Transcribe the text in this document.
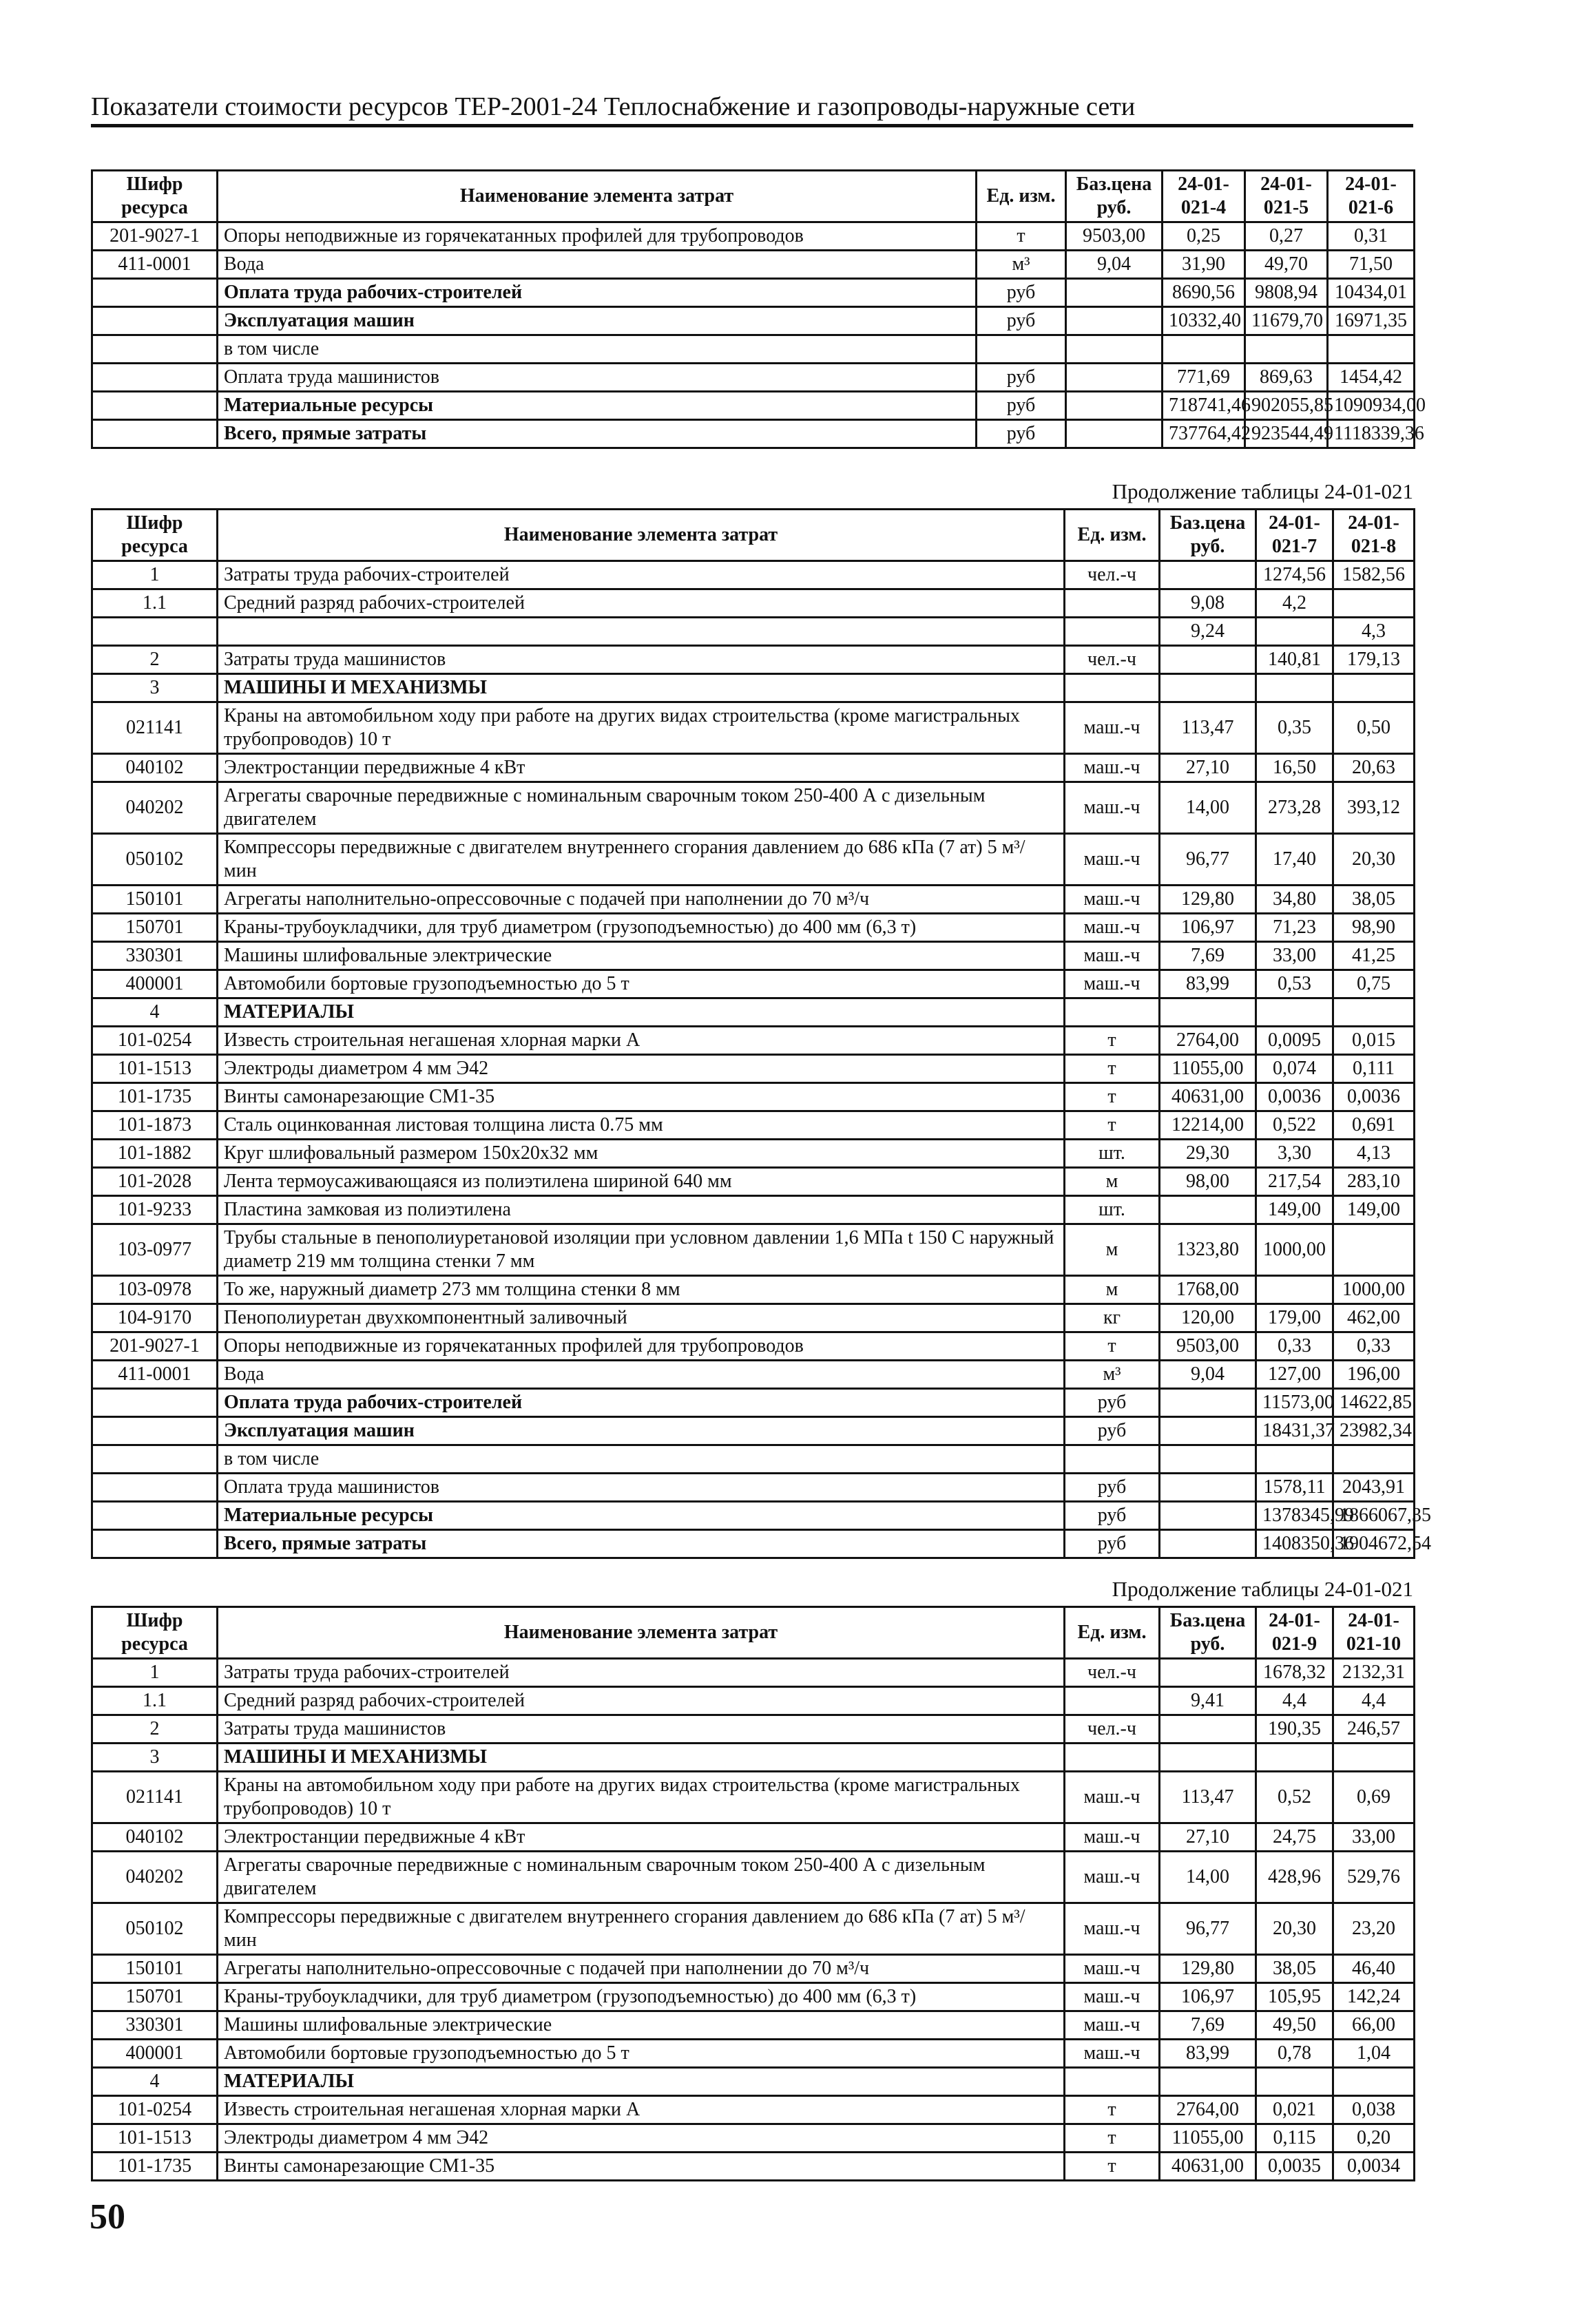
Показатели стоимости ресурсов ТЕР-2001-24 Теплоснабжение и газопроводы-наружные сети
Шифр ресурса	Наименование элемента затрат	Ед. изм.	Баз.цена руб.	24-01-021-4	24-01-021-5	24-01-021-6
201-9027-1	Опоры неподвижные из горячекатанных профилей для трубопроводов	т	9503,00	0,25	0,27	0,31
411-0001	Вода	м³	9,04	31,90	49,70	71,50
	Оплата труда рабочих-строителей	руб		8690,56	9808,94	10434,01
	Эксплуатация машин	руб		10332,40	11679,70	16971,35
	в том числе					
	Оплата труда машинистов	руб		771,69	869,63	1454,42
	Материальные ресурсы	руб		718741,46	902055,85	1090934,00
	Всего, прямые затраты	руб		737764,42	923544,49	1118339,36
Продолжение таблицы 24-01-021
Шифр ресурса	Наименование элемента затрат	Ед. изм.	Баз.цена руб.	24-01-021-7	24-01-021-8
1	Затраты труда рабочих-строителей	чел.-ч		1274,56	1582,56
1.1	Средний разряд рабочих-строителей		9,08	4,2	
			9,24		4,3
2	Затраты труда машинистов	чел.-ч		140,81	179,13
3	МАШИНЫ И МЕХАНИЗМЫ				
021141	Краны на автомобильном ходу при работе на других видах строительства (кроме магистральных трубопроводов) 10 т	маш.-ч	113,47	0,35	0,50
040102	Электростанции передвижные 4 кВт	маш.-ч	27,10	16,50	20,63
040202	Агрегаты сварочные передвижные с номинальным сварочным током 250-400 А с дизельным двигателем	маш.-ч	14,00	273,28	393,12
050102	Компрессоры передвижные с двигателем внутреннего сгорания давлением до 686 кПа (7 ат) 5 м³/мин	маш.-ч	96,77	17,40	20,30
150101	Агрегаты наполнительно-опрессовочные с подачей при наполнении до 70 м³/ч	маш.-ч	129,80	34,80	38,05
150701	Краны-трубоукладчики, для труб диаметром (грузоподъемностью) до 400 мм (6,3 т)	маш.-ч	106,97	71,23	98,90
330301	Машины шлифовальные электрические	маш.-ч	7,69	33,00	41,25
400001	Автомобили бортовые грузоподъемностью до 5 т	маш.-ч	83,99	0,53	0,75
4	МАТЕРИАЛЫ				
101-0254	Известь строительная негашеная хлорная марки А	т	2764,00	0,0095	0,015
101-1513	Электроды диаметром 4 мм Э42	т	11055,00	0,074	0,111
101-1735	Винты самонарезающие СМ1-35	т	40631,00	0,0036	0,0036
101-1873	Сталь оцинкованная листовая толщина листа 0.75 мм	т	12214,00	0,522	0,691
101-1882	Круг шлифовальный размером 150х20х32 мм	шт.	29,30	3,30	4,13
101-2028	Лента термоусаживающаяся из полиэтилена шириной 640 мм	м	98,00	217,54	283,10
101-9233	Пластина замковая из полиэтилена	шт.		149,00	149,00
103-0977	Трубы стальные в пенополиуретановой изоляции при условном давлении 1,6 МПа t 150 С наружный диаметр 219 мм толщина стенки 7 мм	м	1323,80	1000,00	
103-0978	То же, наружный диаметр 273 мм толщина стенки 8 мм	м	1768,00		1000,00
104-9170	Пенополиуретан двухкомпонентный заливочный	кг	120,00	179,00	462,00
201-9027-1	Опоры неподвижные из горячекатанных профилей для трубопроводов	т	9503,00	0,33	0,33
411-0001	Вода	м³	9,04	127,00	196,00
	Оплата труда рабочих-строителей	руб		11573,00	14622,85
	Эксплуатация машин	руб		18431,37	23982,34
	в том числе				
	Оплата труда машинистов	руб		1578,11	2043,91
	Материальные ресурсы	руб		1378345,99	1866067,35
	Всего, прямые затраты	руб		1408350,36	1904672,54
Продолжение таблицы 24-01-021
Шифр ресурса	Наименование элемента затрат	Ед. изм.	Баз.цена руб.	24-01-021-9	24-01-021-10
1	Затраты труда рабочих-строителей	чел.-ч		1678,32	2132,31
1.1	Средний разряд рабочих-строителей		9,41	4,4	4,4
2	Затраты труда машинистов	чел.-ч		190,35	246,57
3	МАШИНЫ И МЕХАНИЗМЫ				
021141	Краны на автомобильном ходу при работе на других видах строительства (кроме магистральных трубопроводов) 10 т	маш.-ч	113,47	0,52	0,69
040102	Электростанции передвижные 4 кВт	маш.-ч	27,10	24,75	33,00
040202	Агрегаты сварочные передвижные с номинальным сварочным током 250-400 А с дизельным двигателем	маш.-ч	14,00	428,96	529,76
050102	Компрессоры передвижные с двигателем внутреннего сгорания давлением до 686 кПа (7 ат) 5 м³/мин	маш.-ч	96,77	20,30	23,20
150101	Агрегаты наполнительно-опрессовочные с подачей при наполнении до 70 м³/ч	маш.-ч	129,80	38,05	46,40
150701	Краны-трубоукладчики, для труб диаметром (грузоподъемностью) до 400 мм (6,3 т)	маш.-ч	106,97	105,95	142,24
330301	Машины шлифовальные электрические	маш.-ч	7,69	49,50	66,00
400001	Автомобили бортовые грузоподъемностью до 5 т	маш.-ч	83,99	0,78	1,04
4	МАТЕРИАЛЫ				
101-0254	Известь строительная негашеная хлорная марки А	т	2764,00	0,021	0,038
101-1513	Электроды диаметром 4 мм Э42	т	11055,00	0,115	0,20
101-1735	Винты самонарезающие СМ1-35	т	40631,00	0,0035	0,0034
50
